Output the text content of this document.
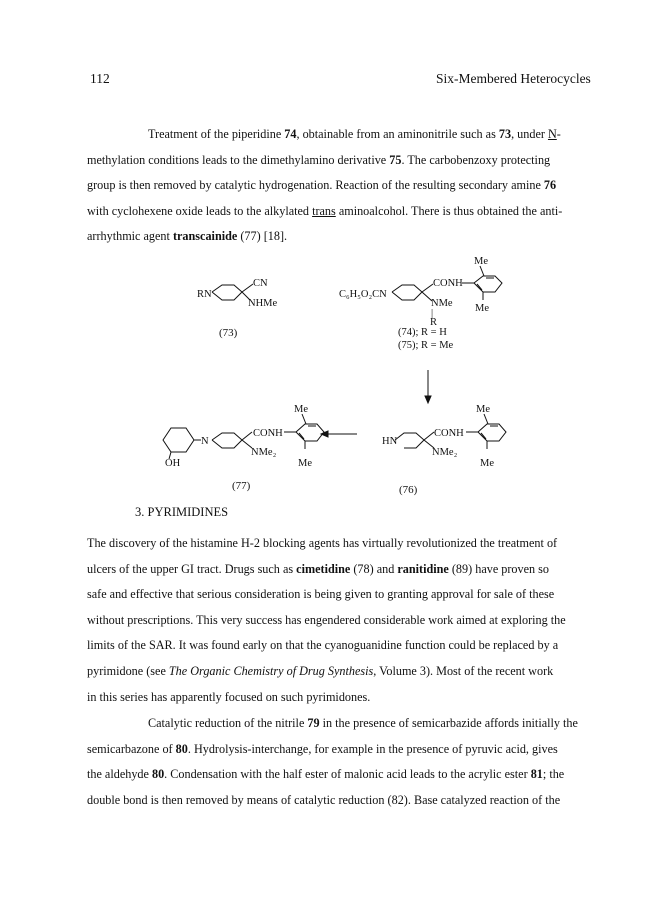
112	Six-Membered Heterocycles
Treatment of the piperidine 74, obtainable from an aminonitrile such as 73, under N-
methylation conditions leads to the dimethylamino derivative 75. The carbobenzoxy protecting
group is then removed by catalytic hydrogenation. Reaction of the resulting secondary amine 76
with cyclohexene oxide leads to the alkylated trans aminoalcohol. There is thus obtained the anti-
arrhythmic agent transcainide (77) [18].
RN
CN
NHMe
(73)
C₆H₅O₂CN
CONH
NMe
|
R
Me
Me
(74); R = H
(75); R = Me
HN
CONH
NMe₂
Me
Me
(76)
N
OH
CONH
NMe₂
Me
Me
(77)
3. PYRIMIDINES
The discovery of the histamine H-2 blocking agents has virtually revolutionized the treatment of
ulcers of the upper GI tract. Drugs such as cimetidine (78) and ranitidine (89) have proven so
safe and effective that serious consideration is being given to granting approval for sale of these
without prescriptions. This very success has engendered considerable work aimed at exploring the
limits of the SAR. It was found early on that the cyanoguanidine function could be replaced by a
pyrimidone (see The Organic Chemistry of Drug Synthesis, Volume 3). Most of the recent work
in this series has apparently focused on such pyrimidones.
Catalytic reduction of the nitrile 79 in the presence of semicarbazide affords initially the
semicarbazone of 80. Hydrolysis-interchange, for example in the presence of pyruvic acid, gives
the aldehyde 80. Condensation with the half ester of malonic acid leads to the acrylic ester 81; the
double bond is then removed by means of catalytic reduction (82). Base catalyzed reaction of the
